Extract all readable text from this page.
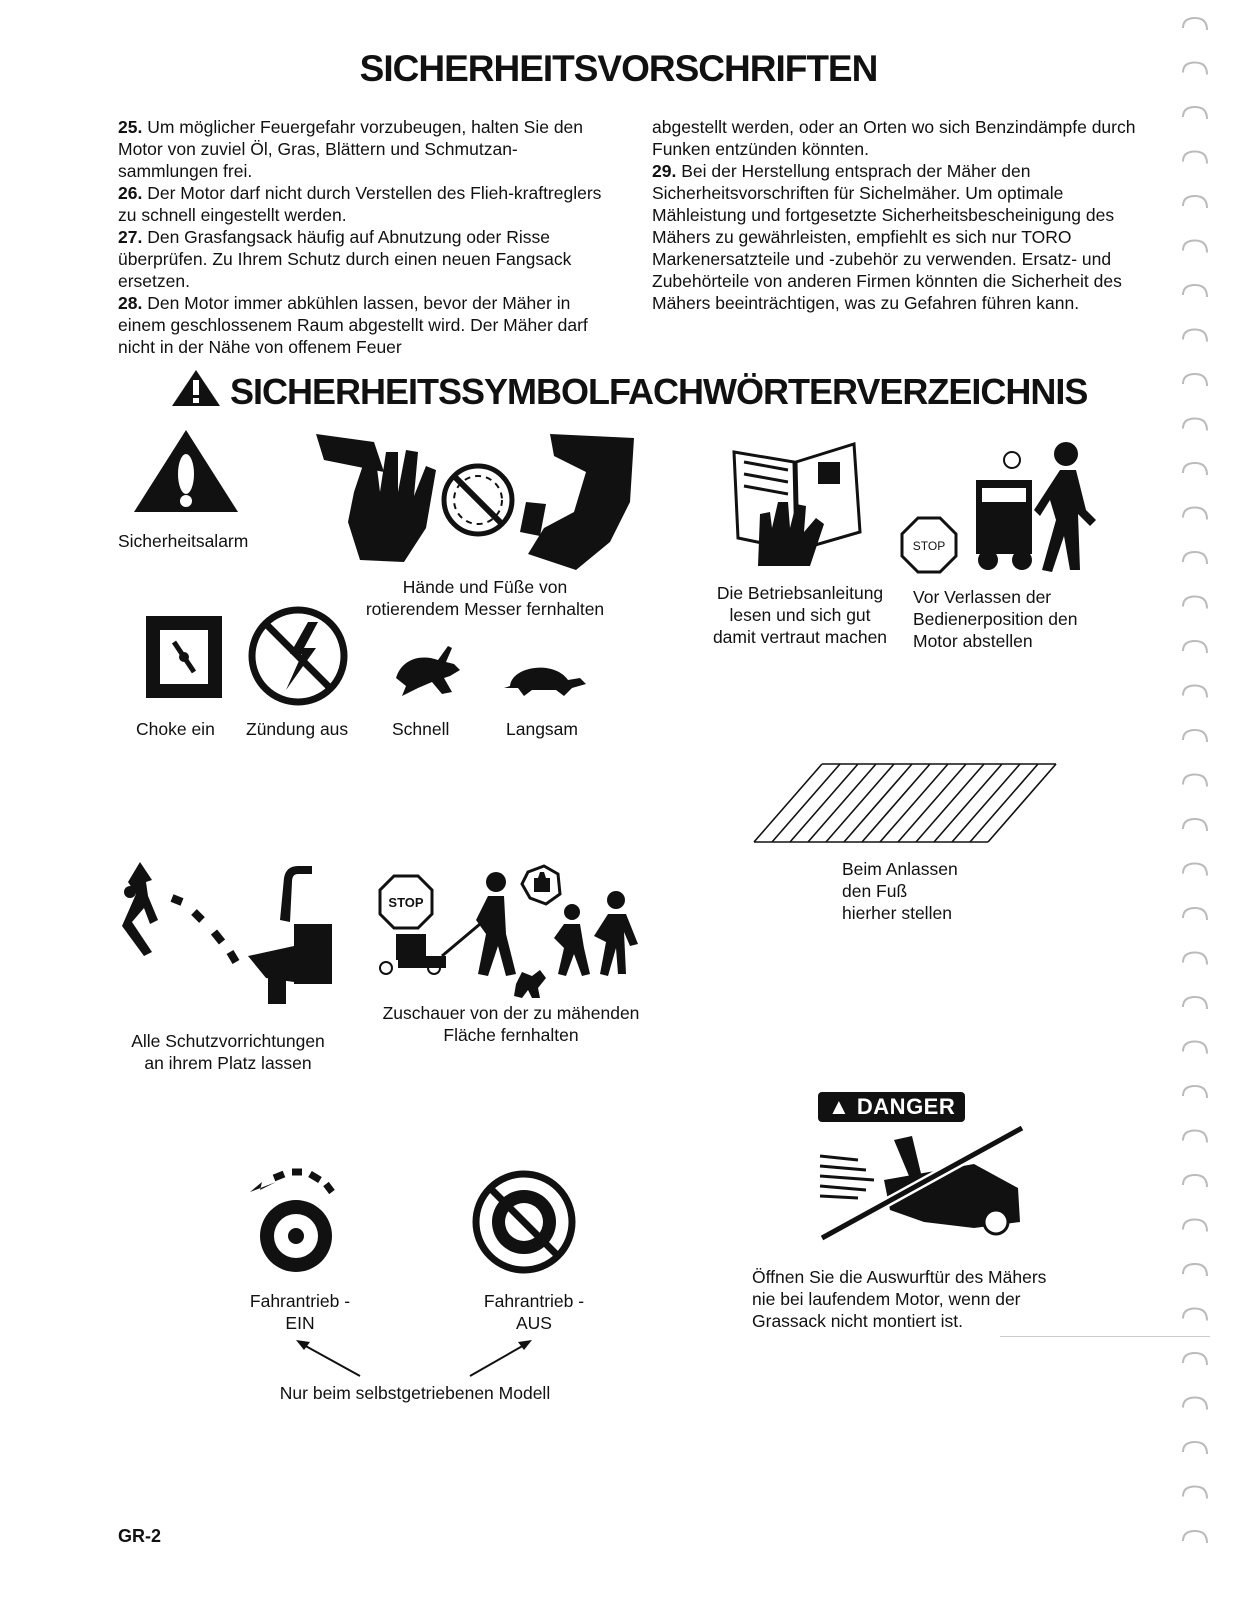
SICHERHEITSVORSCHRIFTEN

25. Um möglicher Feuergefahr vorzubeugen, halten Sie den Motor von zuviel Öl, Gras, Blättern und Schmutzan-sammlungen frei.

26. Der Motor darf nicht durch Verstellen des Flieh-kraftreglers zu schnell eingestellt werden.

27. Den Grasfangsack häufig auf Abnutzung oder Risse überprüfen. Zu Ihrem Schutz durch einen neuen Fangsack ersetzen.

28. Den Motor immer abkühlen lassen, bevor der Mäher in einem geschlossenem Raum abgestellt wird. Der Mäher darf nicht in der Nähe von offenem Feuer

abgestellt werden, oder an Orten wo sich Benzindämpfe durch Funken entzünden könnten.

29. Bei der Herstellung entsprach der Mäher den Sicherheitsvorschriften für Sichelmäher. Um optimale Mähleistung und fortgesetzte Sicherheitsbescheinigung des Mähers zu gewährleisten, empfiehlt es sich nur TORO Markenersatzteile und -zubehör zu verwenden. Ersatz- und Zubehörteile von anderen Firmen könnten die Sicherheit des Mähers beeinträchtigen, was zu Gefahren führen kann.

SICHERHEITSSYMBOLFACHWÖRTERVERZEICHNIS
Sicherheitsalarm
Hände und Füße von
rotierendem Messer fernhalten
Die Betriebsanleitung
lesen und sich gut
damit vertraut machen
STOP
Vor Verlassen der
Bedienerposition den
Motor abstellen
Choke ein Zündung aus	Schnell	Langsam
Beim Anlassen
den Fuß
hierher stellen
Alle Schutzvorrichtungen
an ihrem Platz lassen
STOP
Zuschauer von der zu mähenden
Fläche fernhalten
▲ DANGER
Öffnen Sie die Auswurftür des Mähers
nie bei laufendem Motor, wenn der
Grassack nicht montiert ist.
Fahrantrieb -
EIN
Fahrantrieb -
AUS
Nur beim selbstgetriebenen Modell
GR-2
